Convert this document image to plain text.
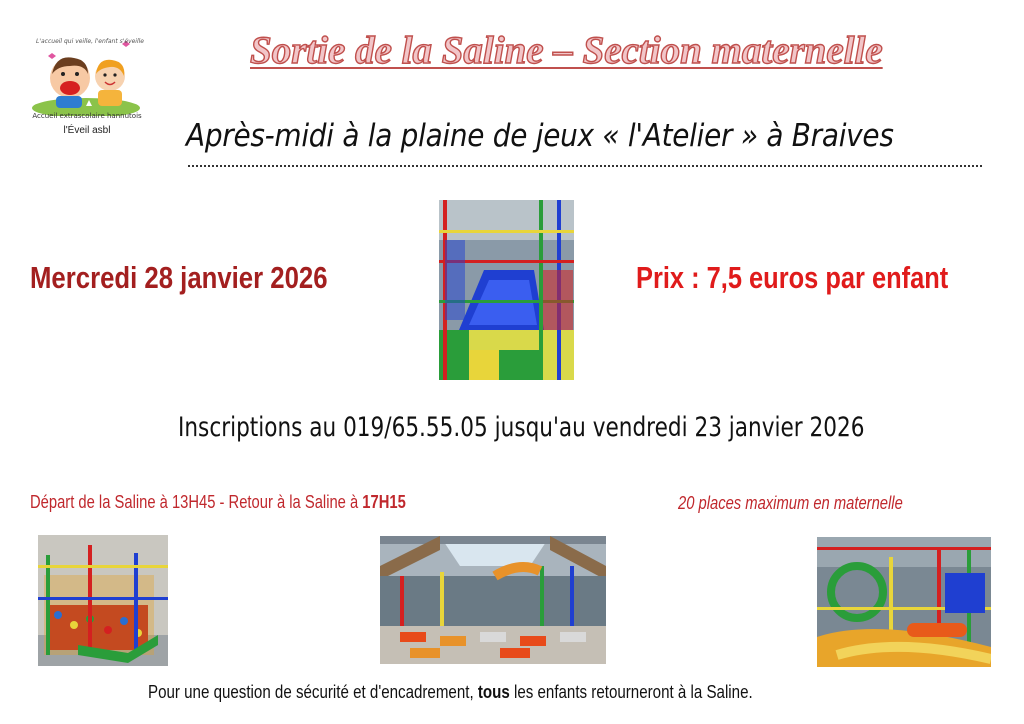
L'accueil qui veille, l'enfant s'éveille
Accueil extrascolaire hannutois
l'Éveil asbl
Sortie de la Saline – Section maternelle
Après-midi à la plaine de jeux « l'Atelier » à Braives
Mercredi 28 janvier 2026	Prix : 7,5 euros par enfant
Inscriptions au 019/65.55.05 jusqu'au vendredi 23 janvier 2026
Départ de la Saline à 13H45 - Retour à la Saline à 17H15	20 places maximum en maternelle
Pour une question de sécurité et d'encadrement, tous les enfants retourneront à la Saline.
